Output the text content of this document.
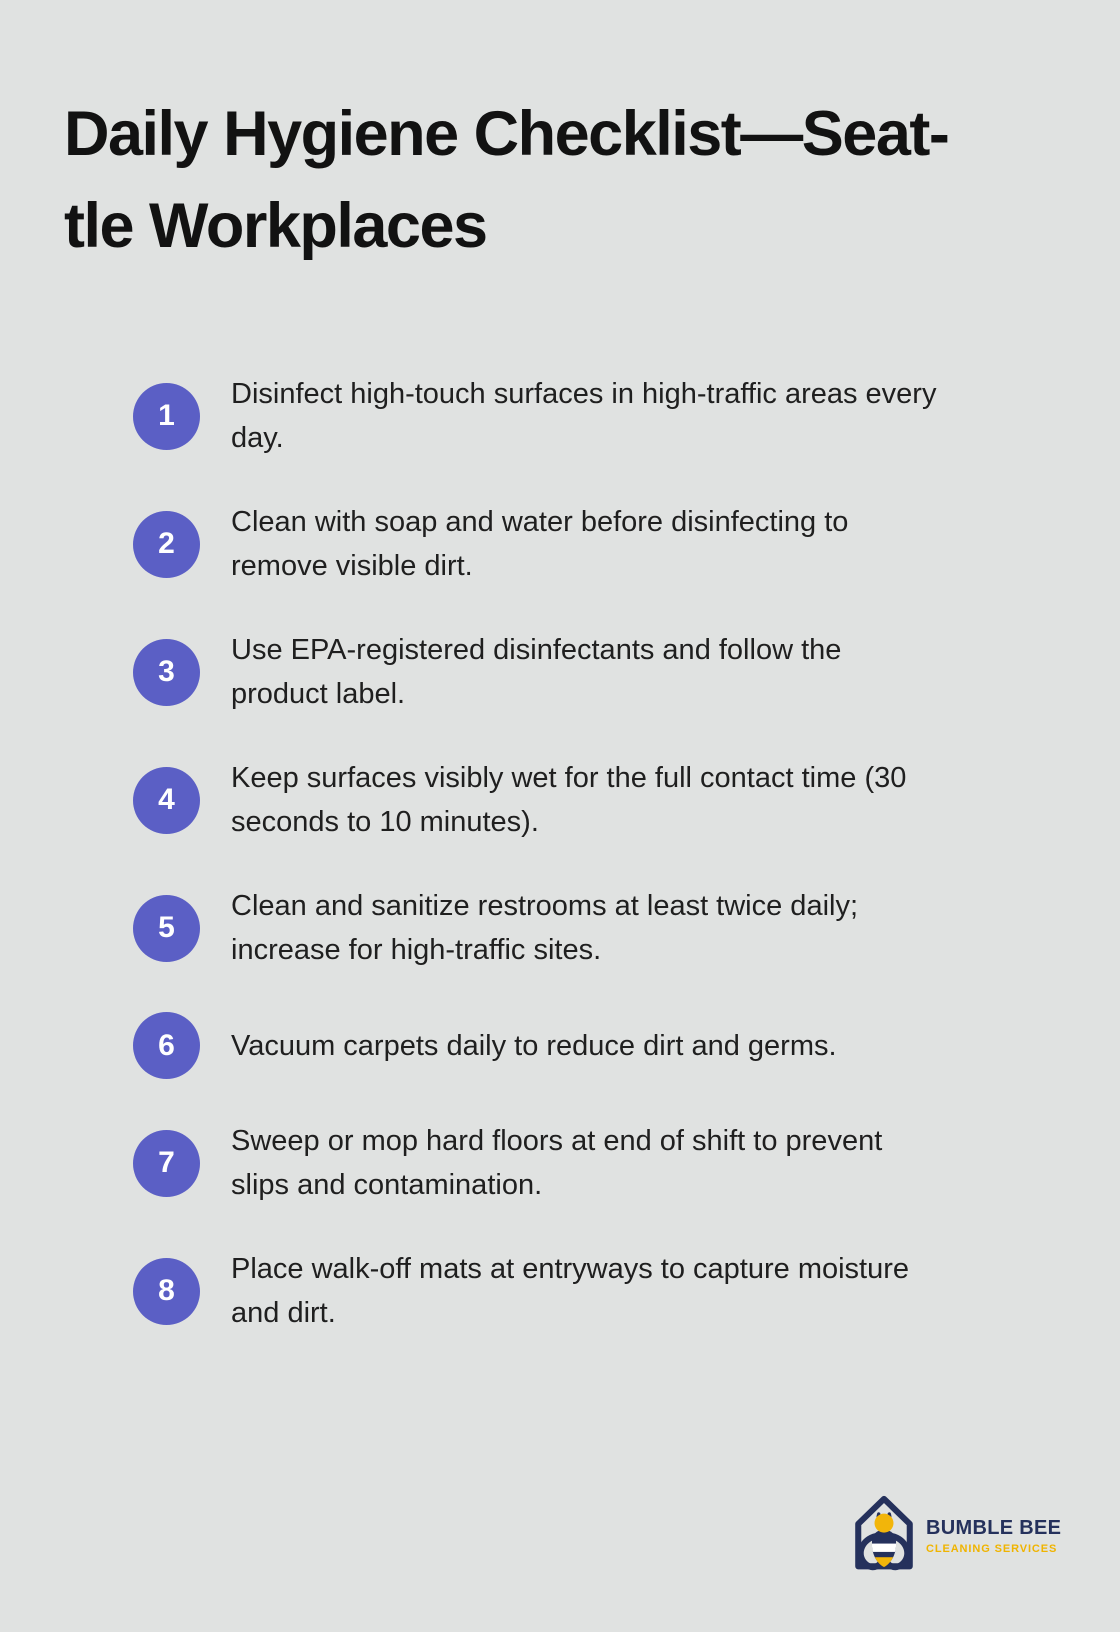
Daily Hygiene Checklist—Seat-
tle Workplaces
1
Disinfect high-touch surfaces in high-traffic areas every
day.
2
Clean with soap and water before disinfecting to
remove visible dirt.
3
Use EPA-registered disinfectants and follow the
product label.
4
Keep surfaces visibly wet for the full contact time (30
seconds to 10 minutes).
5
Clean and sanitize restrooms at least twice daily;
increase for high-traffic sites.
6	Vacuum carpets daily to reduce dirt and germs.
7
Sweep or mop hard floors at end of shift to prevent
slips and contamination.
8
Place walk-off mats at entryways to capture moisture
and dirt.
BUMBLE BEE
CLEANING SERVICES
